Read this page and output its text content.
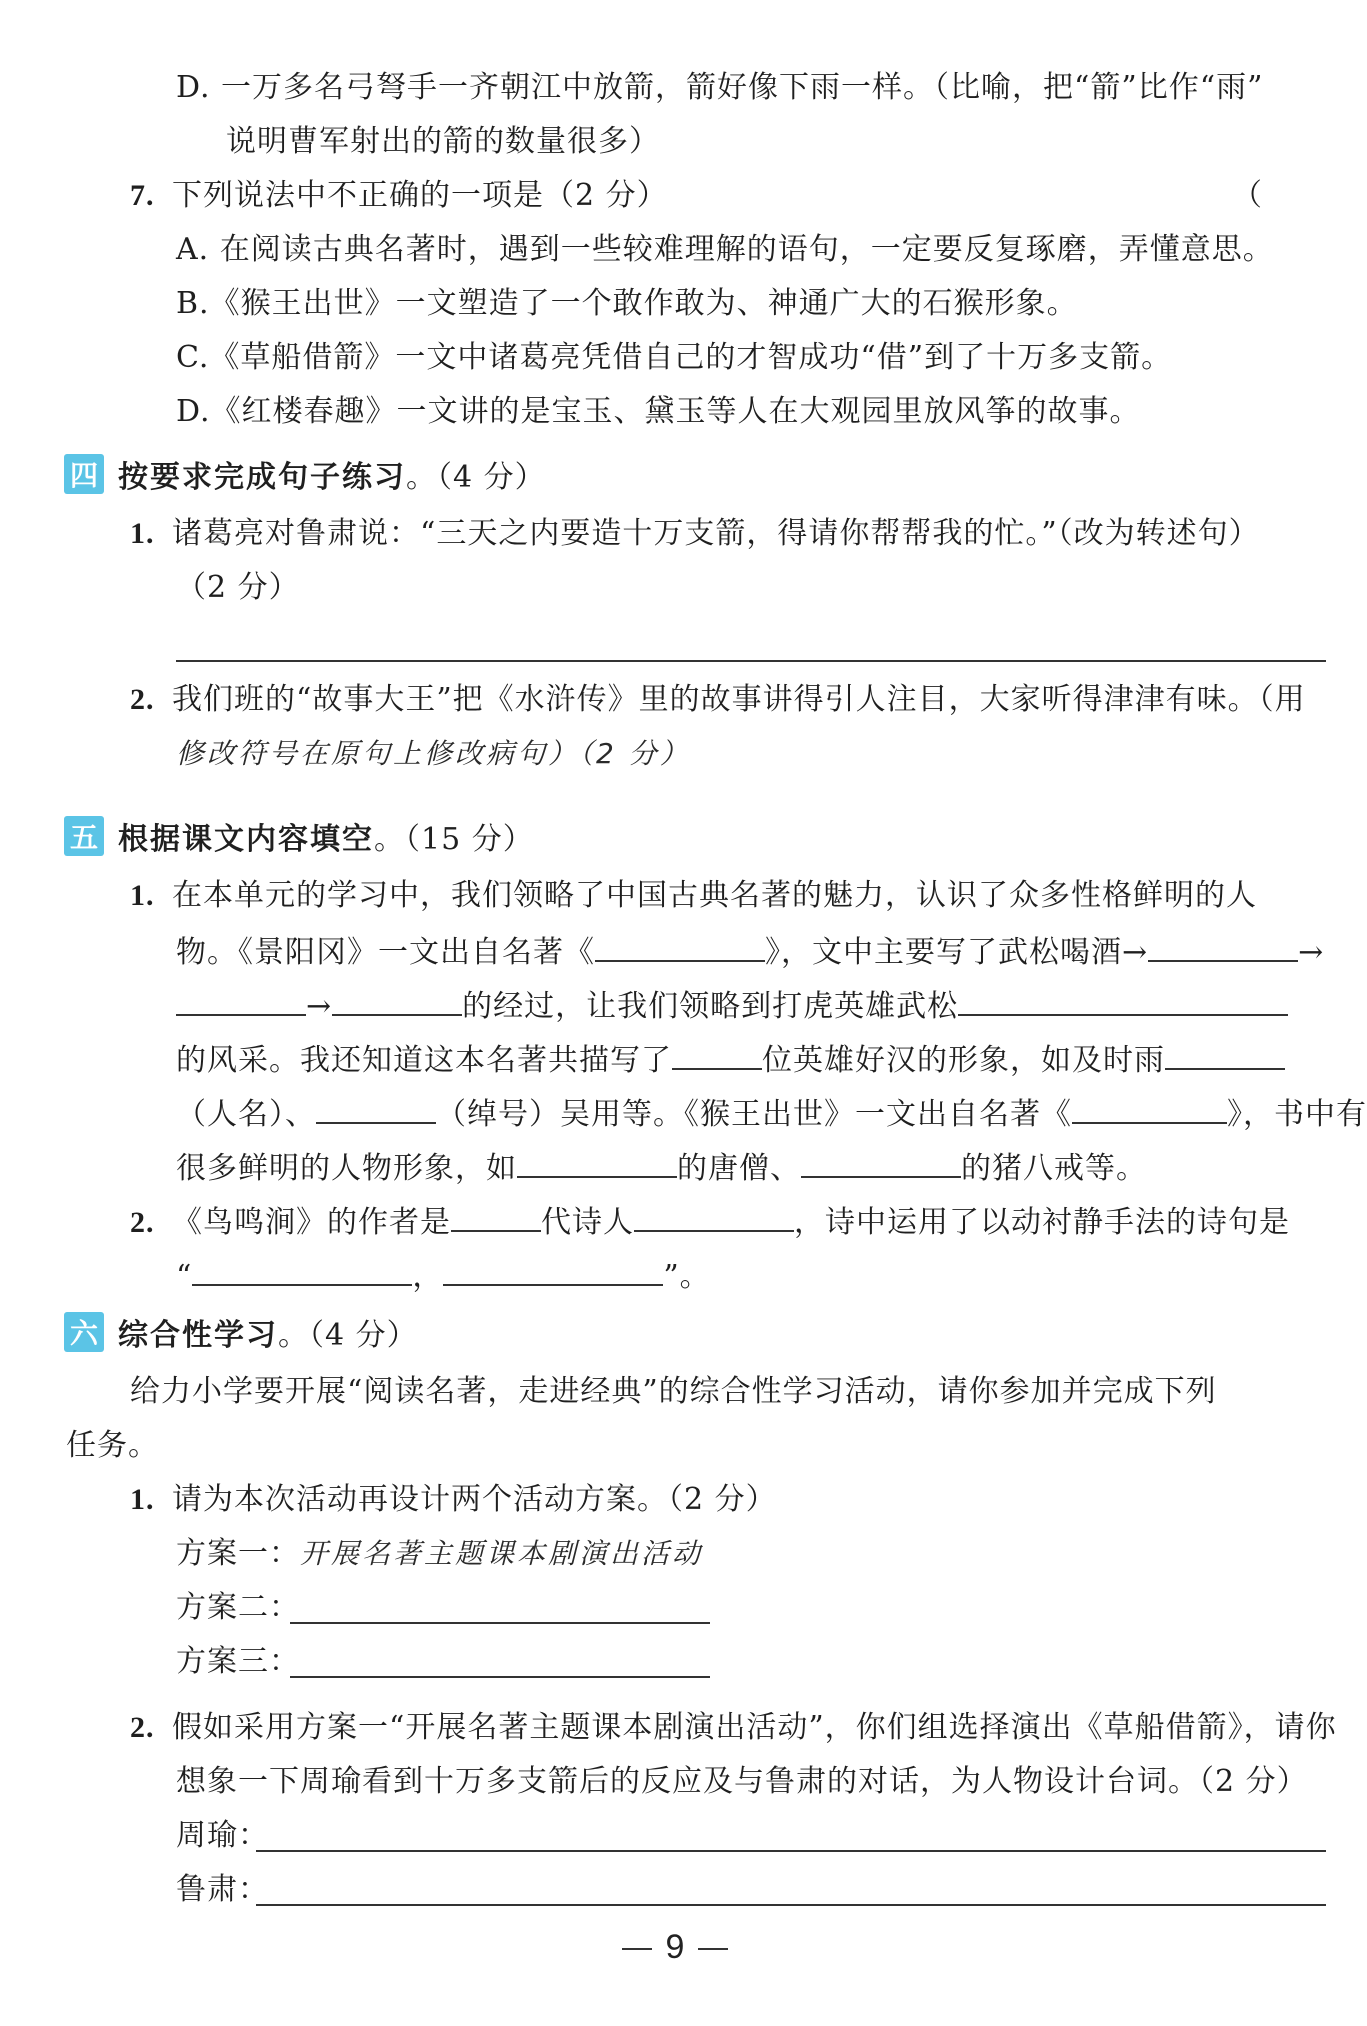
D. 一万多名弓弩手一齐朝江中放箭，箭好像下雨一样。（比喻，把“箭”比作“雨”
说明曹军射出的箭的数量很多）
7. 下列说法中不正确的一项是（2 分）	（
A. 在阅读古典名著时，遇到一些较难理解的语句，一定要反复琢磨，弄懂意思。
B.《猴王出世》一文塑造了一个敢作敢为、神通广大的石猴形象。
C.《草船借箭》一文中诸葛亮凭借自己的才智成功“借”到了十万多支箭。
D.《红楼春趣》一文讲的是宝玉、黛玉等人在大观园里放风筝的故事。
四 按要求完成句子练习 。（4 分）
1. 诸葛亮对鲁肃说：“三天之内要造十万支箭，得请你帮帮我的忙。”（改为转述句）
（2 分）
2. 我们班的“故事大王”把《水浒传》里的故事讲得引人注目，大家听得津津有味。（用
修改符号在原句上修改病句）（2 分）
五 根据课文内容填空 。（15 分）
1. 在本单元的学习中，我们领略了中国古典名著的魅力，认识了众多性格鲜明的人
物。《景阳冈》一文出自名著《	》，文中主要写了武松喝酒→	→
→	的经过，让我们领略到打虎英雄武松
的风采。我还知道这本名著共描写了	位英雄好汉的形象，如及时雨
（人名）、	（绰号）吴用等。《猴王出世》一文出自名著《	》，书中有
很多鲜明的人物形象，如	的唐僧、	的猪八戒等。
2. 《鸟鸣涧》的作者是	代诗人	，诗中运用了以动衬静手法的诗句是
“	，	”。
六 综合性学习 。（4 分）
给力小学要开展“阅读名著，走进经典”的综合性学习活动，请你参加并完成下列
任务。
1. 请为本次活动再设计两个活动方案。（2 分）
方案一：开展名著主题课本剧演出活动
方案二：
方案三：
2. 假如采用方案一“开展名著主题课本剧演出活动”，你们组选择演出《草船借箭》，请你
想象一下周瑜看到十万多支箭后的反应及与鲁肃的对话，为人物设计台词。（2 分）
周瑜：
鲁肃：
9
